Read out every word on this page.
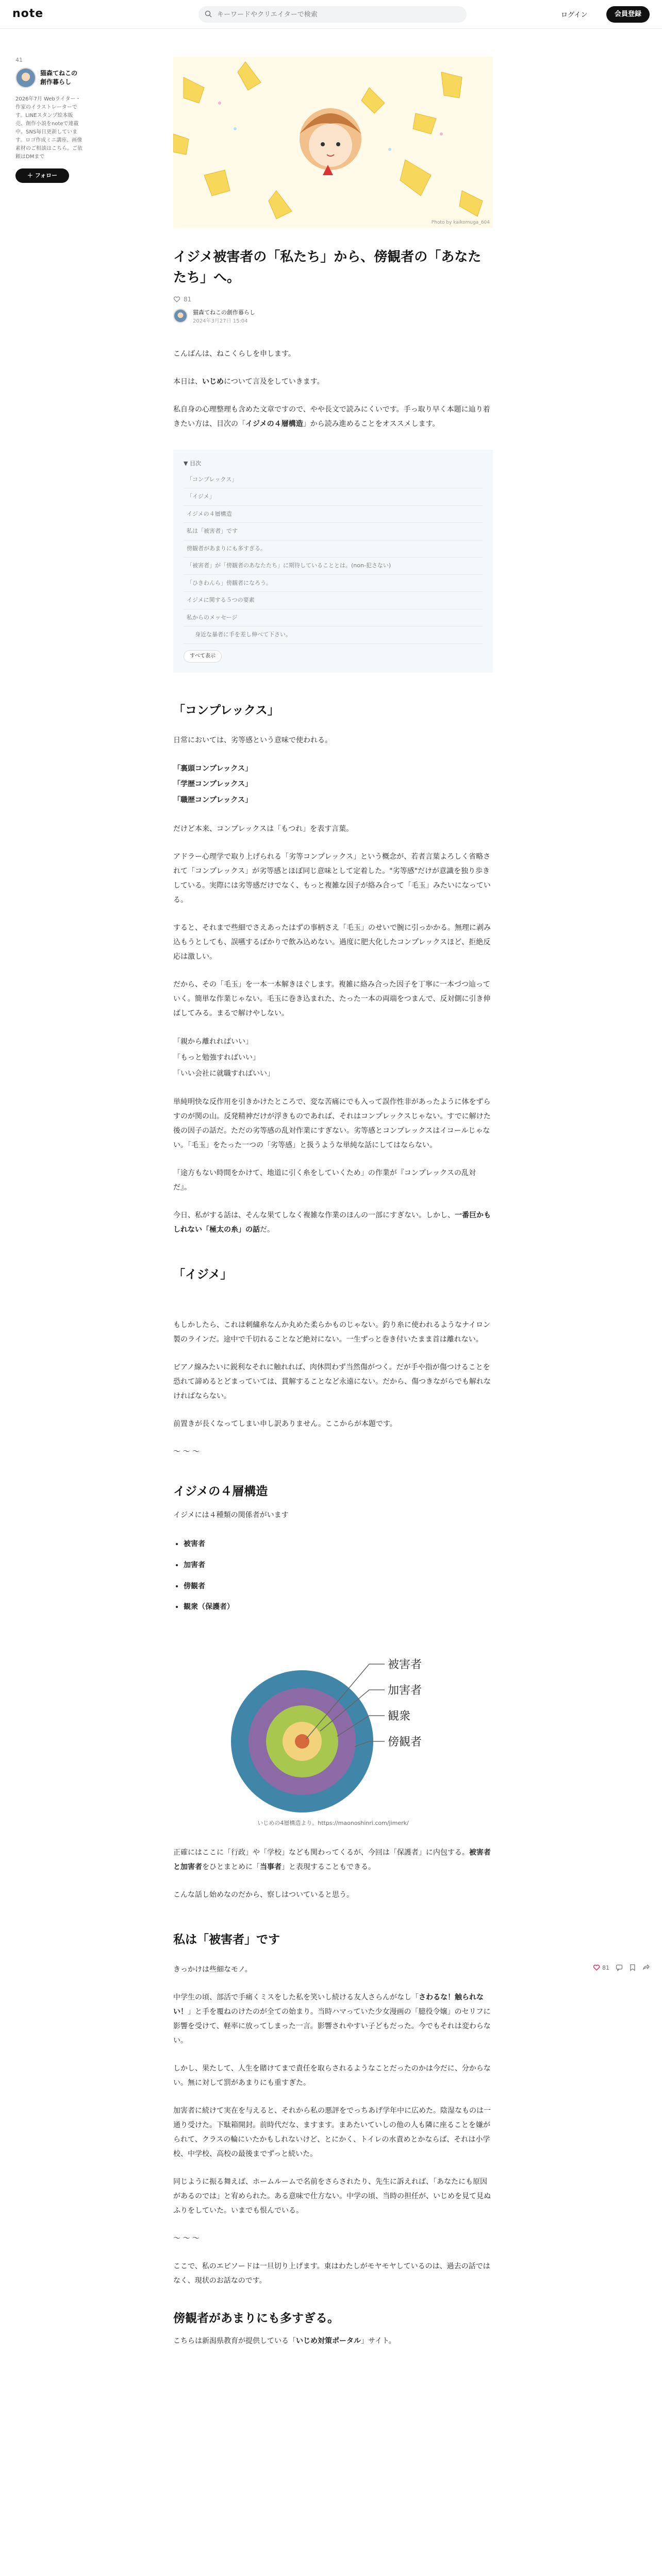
note
キーワードやクリエイターで検索	ログイン	会員登録
41
猫森てねこの創作暮らし
2026年7月 Webライター・作家のイラストレーターです。LINEスタンプ絵本販売、創作小説をnoteで連載中。SNS毎日更新しています。ロゴ作成ミニ講座、画像素材のご相談はこちら。ご依頼はDMまで
＋ フォロー
Photo by kaikomuga_604
イジメ被害者の「私たち」から、傍観者の「あなたたち」へ。
81
猫森てねこの創作暮らし
2024年3月27日 15:04
こんばんは、ねこくらしを申します。
本日は、いじめについて言及をしていきます。
私自身の心理整理も含めた文章ですので、やや長文で読みにくいです。手っ取り早く本題に辿り着きたい方は、目次の「イジメの４層構造」から読み進めることをオススメします。
▼ 目次
「コンプレックス」
「イジメ」
イジメの４層構造
私は「被害者」です
傍観者があまりにも多すぎる。
「被害者」が「傍観者のあなたたち」に期待していることとは。(non-犯さない)
「ひきわんら」傍観者になろう。
イジメに関する５つの要素
私からのメッセージ
身近な暴者に手を差し伸べて下さい。
すべて表示
「コンプレックス」
日常においては、劣等感という意味で使われる。
「裏頭コンプレックス」
「学歴コンプレックス」
「職歴コンプレックス」
だけど本来、コンプレックスは「もつれ」を表す言葉。
アドラー心理学で取り上げられる「劣等コンプレックス」という概念が、若者言葉よろしく省略されて「コンプレックス」が劣等感とほぼ同じ意味として定着した。"劣等感"だけが意識を独り歩きしている。実際には劣等感だけでなく、もっと複雑な因子が絡み合って「毛玉」みたいになっている。
すると、それまで些細でさえあったはずの事柄さえ「毛玉」のせいで腕に引っかかる。無理に剥み込もうとしても、誤嚥するばかりで飲み込めない。過度に肥大化したコンプレックスほど、拒絶反応は激しい。
だから、その「毛玉」を一本一本解きほぐします。複雑に絡み合った因子を丁寧に一本づつ辿っていく。簡単な作業じゃない。毛玉に巻き込まれた、たった一本の両端をつまんで、反対側に引き伸ばしてみる。まるで解けやしない。
「親から離れればいい」
「もっと勉強すればいい」
「いい会社に就職すればいい」
単純明快な反作用を引きかけたところで、変な苦痛にでも入って誤作性非があったように体をずらすのが関の山。反発精神だけが浮きものであれば、それはコンプレックスじゃない。すでに解けた後の因子の話だ。ただの劣等感の乱対作業にすぎない。劣等感とコンプレックスはイコールじゃない。「毛玉」をたった一つの「劣等感」と扱うような単純な話にしてはならない。
「途方もない時間をかけて、地道に引く糸をしていくため」の作業が『コンプレックスの乱対だ』。
今日、私がする話は、そんな果てしなく複雑な作業のほんの一部にすぎない。しかし、一番巨かもしれない「極太の糸」の話だ。
「イジメ」
もしかしたら、これは刺繍糸なんか丸めた柔らかものじゃない。釣り糸に使われるようなナイロン製のラインだ。途中で千切れることなど絶対にない。一生ずっと巻き付いたまま首は離れない。
ピアノ線みたいに鋭利なそれに触れれば、肉休問わず当然傷がつく。だが手や指が傷つけることを恐れて諦めるとどまっていては、貫解することなど永遠にない。だから、傷つきながらでも解れなければならない。
前置きが長くなってしまい申し訳ありません。ここからが本題です。
〜 〜 〜
イジメの４層構造
イジメには４種類の関係者がいます
• 被害者
• 加害者
• 傍観者
• 観衆（保護者）
被害者
加害者
観衆
傍観者
いじめの4層構造より。https://maonoshinri.com/jimerk/
正確にはここに「行政」や「学校」なども関わってくるが、今回は「保護者」に内包する。被害者と加害者をひとまとめに「当事者」と表現することもできる。
こんな話し始めなのだから、察しはついていると思う。
私は「被害者」です
きっかけは些細なモノ。
中学生の頃、部活で手痛くミスをした私を笑いし続ける友人さらんがなし「さわるな！触られない！」と手を覆ねのけたのが全ての始まり。当時ハマっていた少女漫画の「臆役令嬢」のセリフに影響を受けて、軽率に放ってしまった一言。影響されやすい子どもだった。今でもそれは変わらない。
しかし、果たして、人生を賭けてまで責任を取らされるようなことだったのかは今だに、分からない。無に対して罰があまりにも重すぎた。
加害者に続けて実在を与えると、それから私の悪評をでっちあげ学年中に広めた。陰湿なものは一通り受けた。下駄箱開封。前時代だな、ますます。まあたいていしの他の人も隣に座ることを嫌がられて、クラスの輪にいたかもしれないけど、とにかく、トイレの水責めとかならば、それは小学校、中学校、高校の最後までずっと続いた。
同じように振る舞えば、ホームルームで名前をさらされたり、先生に訴えれば、「あなたにも原因があるのでは」と宥められた。ある意味で仕方ない。中学の頃、当時の担任が、いじめを見て見ぬふりをしていた。いまでも恨んでいる。
〜 〜 〜
ここで、私のエピソードは一旦切り上げます。東はわたしがモヤモヤしているのは、過去の話ではなく、現状のお話なのです。
傍観者があまりにも多すぎる。
こちらは新潟県教育が提供している「いじめ対策ポータル」サイト。
81
